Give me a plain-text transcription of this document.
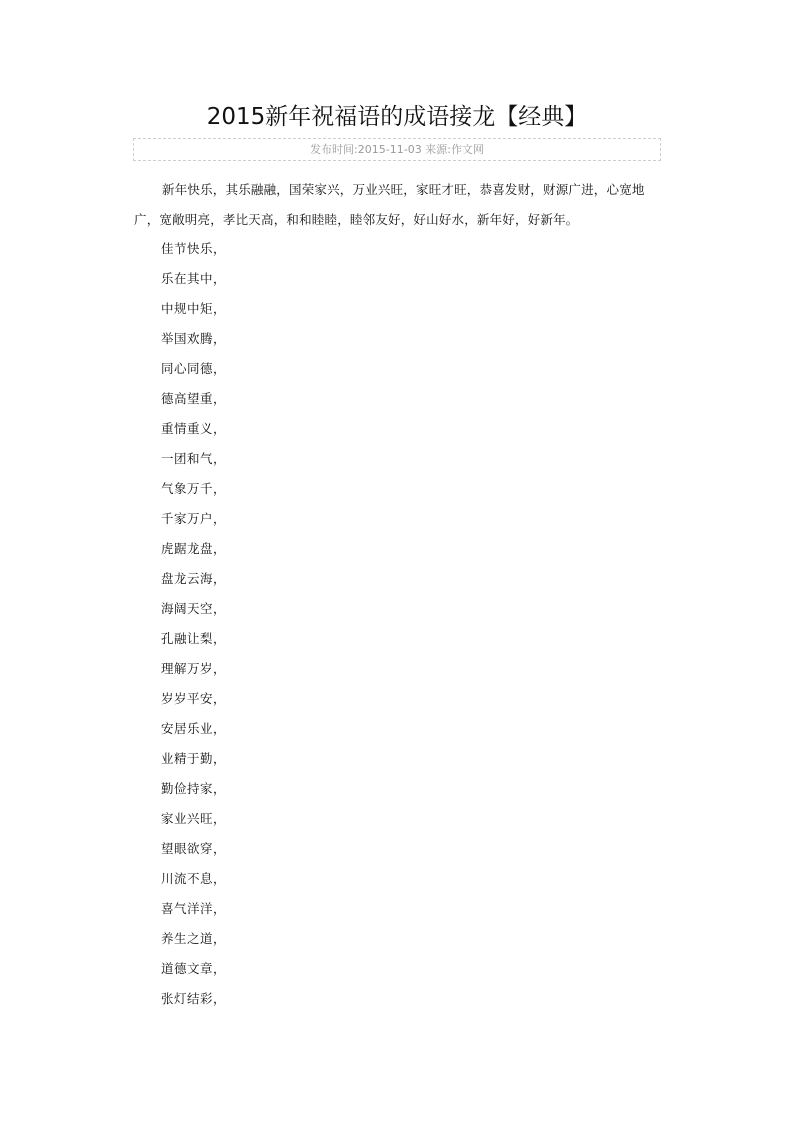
2015新年祝福语的成语接龙【经典】
发布时间:2015-11-03 来源:作文网

新年快乐，其乐融融，国荣家兴，万业兴旺，家旺才旺，恭喜发财，财源广进，心宽地广，宽敞明亮，孝比天高，和和睦睦，睦邻友好，好山好水，新年好，好新年。

佳节快乐，
乐在其中，
中规中矩，
举国欢腾，
同心同德，
德高望重，
重情重义，
一团和气，
气象万千，
千家万户，
虎踞龙盘，
盘龙云海，
海阔天空，
孔融让梨，
理解万岁，
岁岁平安，
安居乐业，
业精于勤，
勤俭持家，
家业兴旺，
望眼欲穿，
川流不息，
喜气洋洋，
养生之道，
道德文章，
张灯结彩，
